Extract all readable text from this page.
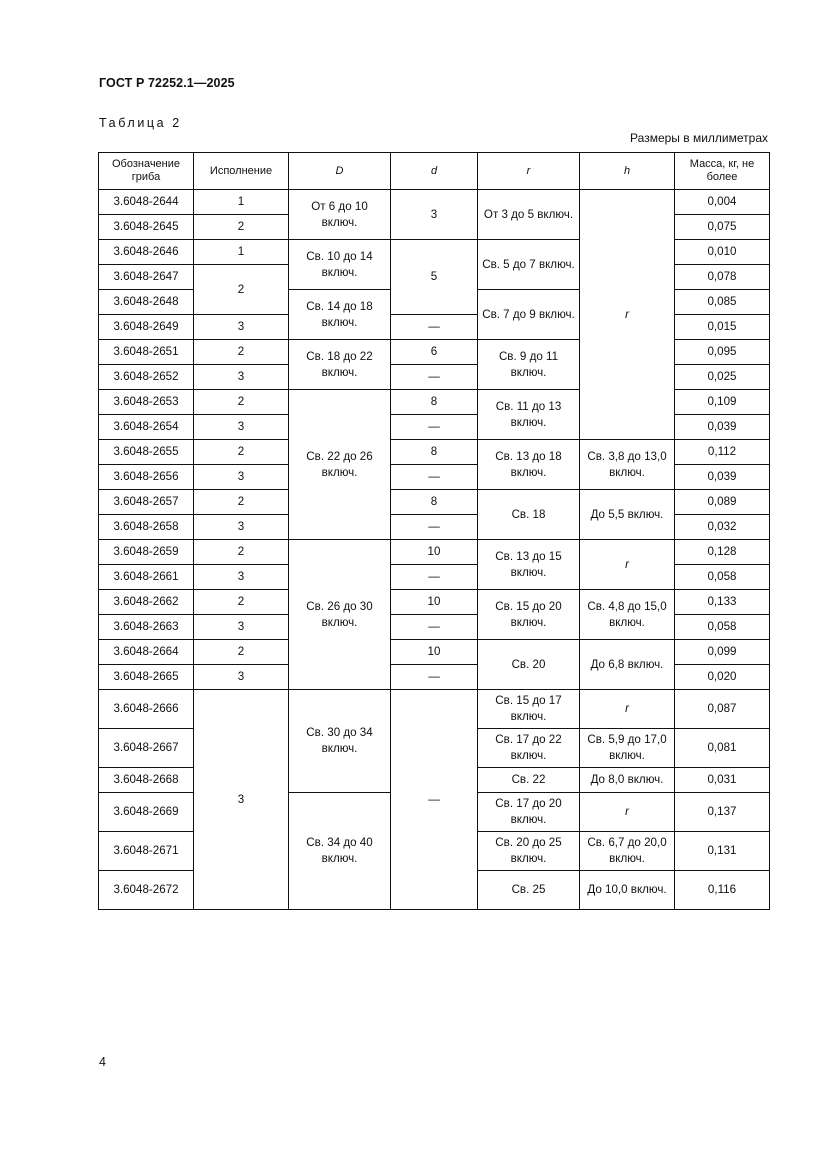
ГОСТ Р 72252.1—2025
Таблица 2
Размеры в миллиметрах
Обозначение гриба	Исполнение	D	d	r	h	Масса, кг, не более
3.6048-2644	1	От 6 до 10 включ.	3	От 3 до 5 включ.	r	0,004
3.6048-2645	2					0,075
3.6048-2646	1	Св. 10 до 14 включ.	5	Св. 5 до 7 включ.		0,010
3.6048-2647	2					0,078
3.6048-2648		Св. 14 до 18 включ.		Св. 7 до 9 включ.		0,085
3.6048-2649	3		—			0,015
3.6048-2651	2	Св. 18 до 22 включ.	6	Св. 9 до 11 включ.		0,095
3.6048-2652	3		—			0,025
3.6048-2653	2	Св. 22 до 26 включ.	8	Св. 11 до 13 включ.		0,109
3.6048-2654	3		—			0,039
3.6048-2655	2		8	Св. 13 до 18 включ.	Св. 3,8 до 13,0 включ.	0,112
3.6048-2656	3		—			0,039
3.6048-2657	2		8	Св. 18	До 5,5 включ.	0,089
3.6048-2658	3		—			0,032
3.6048-2659	2	Св. 26 до 30 включ.	10	Св. 13 до 15 включ.	r	0,128
3.6048-2661	3		—			0,058
3.6048-2662	2		10	Св. 15 до 20 включ.	Св. 4,8 до 15,0 включ.	0,133
3.6048-2663	3		—			0,058
3.6048-2664	2		10	Св. 20	До 6,8 включ.	0,099
3.6048-2665	3		—			0,020
3.6048-2666	3	Св. 30 до 34 включ.	—	Св. 15 до 17 включ.	r	0,087
3.6048-2667				Св. 17 до 22 включ.	Св. 5,9 до 17,0 включ.	0,081
3.6048-2668				Св. 22	До 8,0 включ.	0,031
3.6048-2669		Св. 34 до 40 включ.		Св. 17 до 20 включ.	r	0,137
3.6048-2671				Св. 20 до 25 включ.	Св. 6,7 до 20,0 включ.	0,131
3.6048-2672				Св. 25	До 10,0 включ.	0,116
4
